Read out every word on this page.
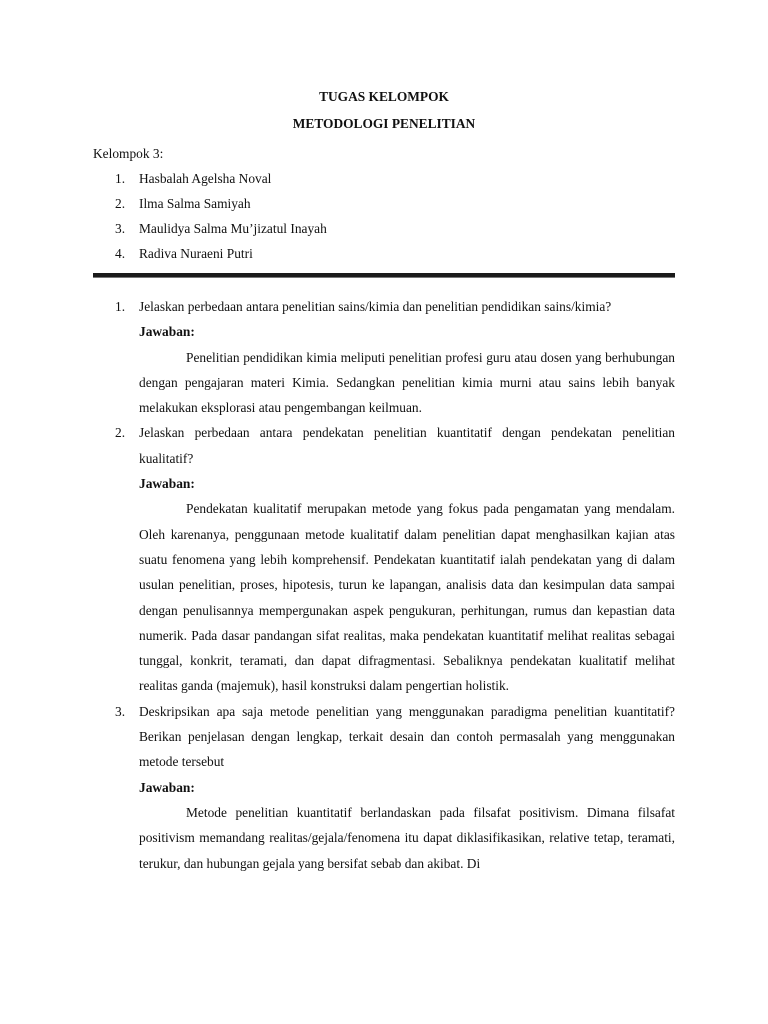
TUGAS KELOMPOK
METODOLOGI PENELITIAN
Kelompok 3:
1.	Hasbalah Agelsha Noval
2.	Ilma Salma Samiyah
3.	Maulidya Salma Mu’jizatul Inayah
4.	Radiva Nuraeni Putri
1. Jelaskan perbedaan antara penelitian sains/kimia dan penelitian pendidikan sains/kimia?

Jawaban:

Penelitian pendidikan kimia meliputi penelitian profesi guru atau dosen yang berhubungan dengan pengajaran materi Kimia. Sedangkan penelitian kimia murni atau sains lebih banyak melakukan eksplorasi atau pengembangan keilmuan.

2. Jelaskan perbedaan antara pendekatan penelitian kuantitatif dengan pendekatan penelitian kualitatif?

Jawaban:

Pendekatan kualitatif merupakan metode yang fokus pada pengamatan yang mendalam. Oleh karenanya, penggunaan metode kualitatif dalam penelitian dapat menghasilkan kajian atas suatu fenomena yang lebih komprehensif. Pendekatan kuantitatif ialah pendekatan yang di dalam usulan penelitian, proses, hipotesis, turun ke lapangan, analisis data dan kesimpulan data sampai dengan penulisannya mempergunakan aspek pengukuran, perhitungan, rumus dan kepastian data numerik. Pada dasar pandangan sifat realitas, maka pendekatan kuantitatif melihat realitas sebagai tunggal, konkrit, teramati, dan dapat difragmentasi. Sebaliknya pendekatan kualitatif melihat realitas ganda (majemuk), hasil konstruksi dalam pengertian holistik.

3. Deskripsikan apa saja metode penelitian yang menggunakan paradigma penelitian kuantitatif? Berikan penjelasan dengan lengkap, terkait desain dan contoh permasalah yang menggunakan metode tersebut

Jawaban:

Metode penelitian kuantitatif berlandaskan pada filsafat positivism. Dimana filsafat positivism memandang realitas/gejala/fenomena itu dapat diklasifikasikan, relative tetap, teramati, terukur, dan hubungan gejala yang bersifat sebab dan akibat. Di
